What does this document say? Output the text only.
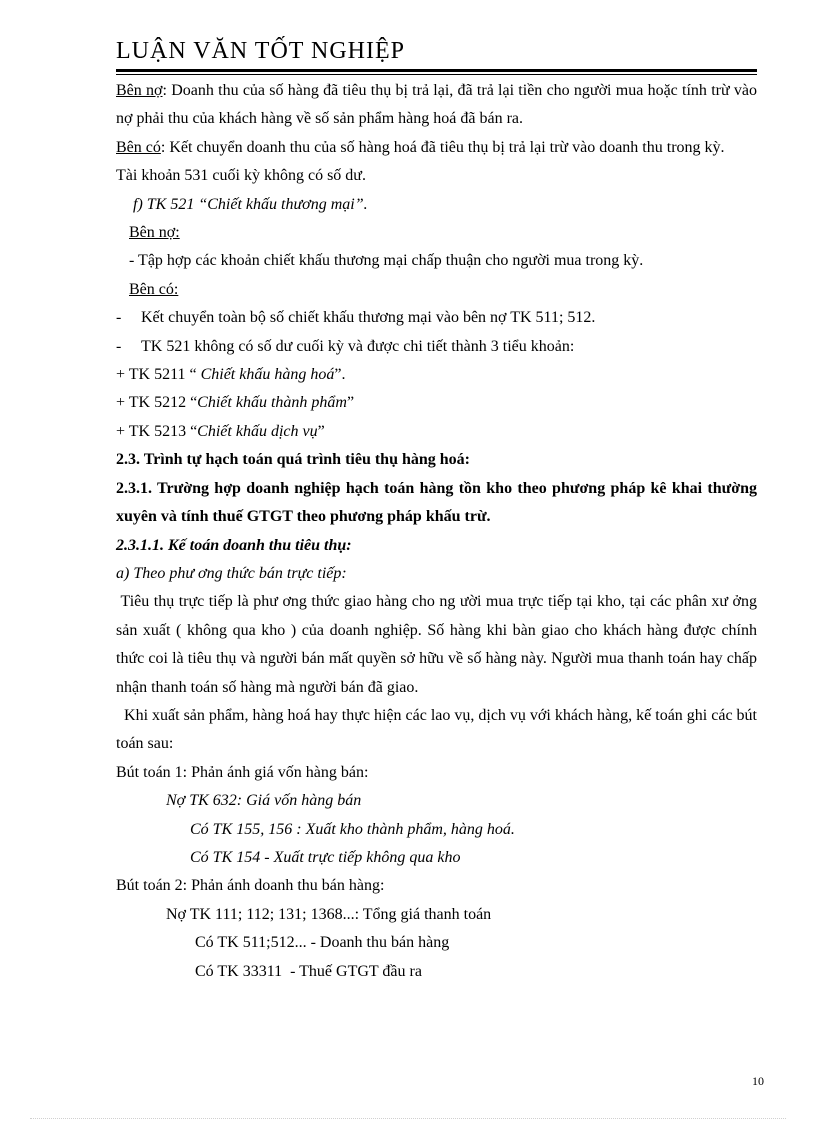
LUẬN VĂN TỐT NGHIỆP

Bên nợ: Doanh thu của số hàng đã tiêu thụ bị trả lại, đã trả lại tiền cho người mua hoặc tính trừ vào nợ phải thu của khách hàng về số sản phẩm hàng hoá đã bán ra.

Bên có: Kết chuyển doanh thu của số hàng hoá đã tiêu thụ bị trả lại trừ vào doanh thu trong kỳ.

Tài khoản 531 cuối kỳ không có số dư.

f) TK 521 “Chiết khấu thương mại”.

Bên nợ:

- Tập hợp các khoản chiết khấu thương mại chấp thuận cho người mua trong kỳ.

Bên có:

- Kết chuyển toàn bộ số chiết khấu thương mại vào bên nợ TK 511; 512.

- TK 521 không có số dư cuối kỳ và được chi tiết thành 3 tiểu khoản:

+ TK 5211 “ Chiết khấu hàng hoá”.

+ TK 5212 “Chiết khấu thành phẩm”

+ TK 5213 “Chiết khấu dịch vụ”

2.3. Trình tự hạch toán quá trình tiêu thụ hàng hoá:

2.3.1. Trường hợp doanh nghiệp hạch toán hàng tồn kho theo phương pháp kê khai thường xuyên và tính thuế GTGT theo phương pháp khấu trừ.

2.3.1.1. Kế toán doanh thu tiêu thụ:

a) Theo phư ơng thức bán trực tiếp:

Tiêu thụ trực tiếp là phư ơng thức giao hàng cho ng ười mua trực tiếp tại kho, tại các phân xư ởng sản xuất ( không qua kho ) của doanh nghiệp. Số hàng khi bàn giao cho khách hàng được chính thức coi là tiêu thụ và người bán mất quyền sở hữu về số hàng này. Người mua thanh toán hay chấp nhận thanh toán số hàng mà người bán đã giao.

Khi xuất sản phẩm, hàng hoá hay thực hiện các lao vụ, dịch vụ với khách hàng, kế toán ghi các bút toán sau:

Bút toán 1: Phản ánh giá vốn hàng bán:

Nợ TK 632: Giá vốn hàng bán

Có TK 155, 156 : Xuất kho thành phẩm, hàng hoá.

Có TK 154 - Xuất trực tiếp không qua kho

Bút toán 2: Phản ánh doanh thu bán hàng:

Nợ TK 111; 112; 131; 1368...: Tổng giá thanh toán

Có TK 511;512... - Doanh thu bán hàng

Có TK 33311  - Thuế GTGT đầu ra

10
